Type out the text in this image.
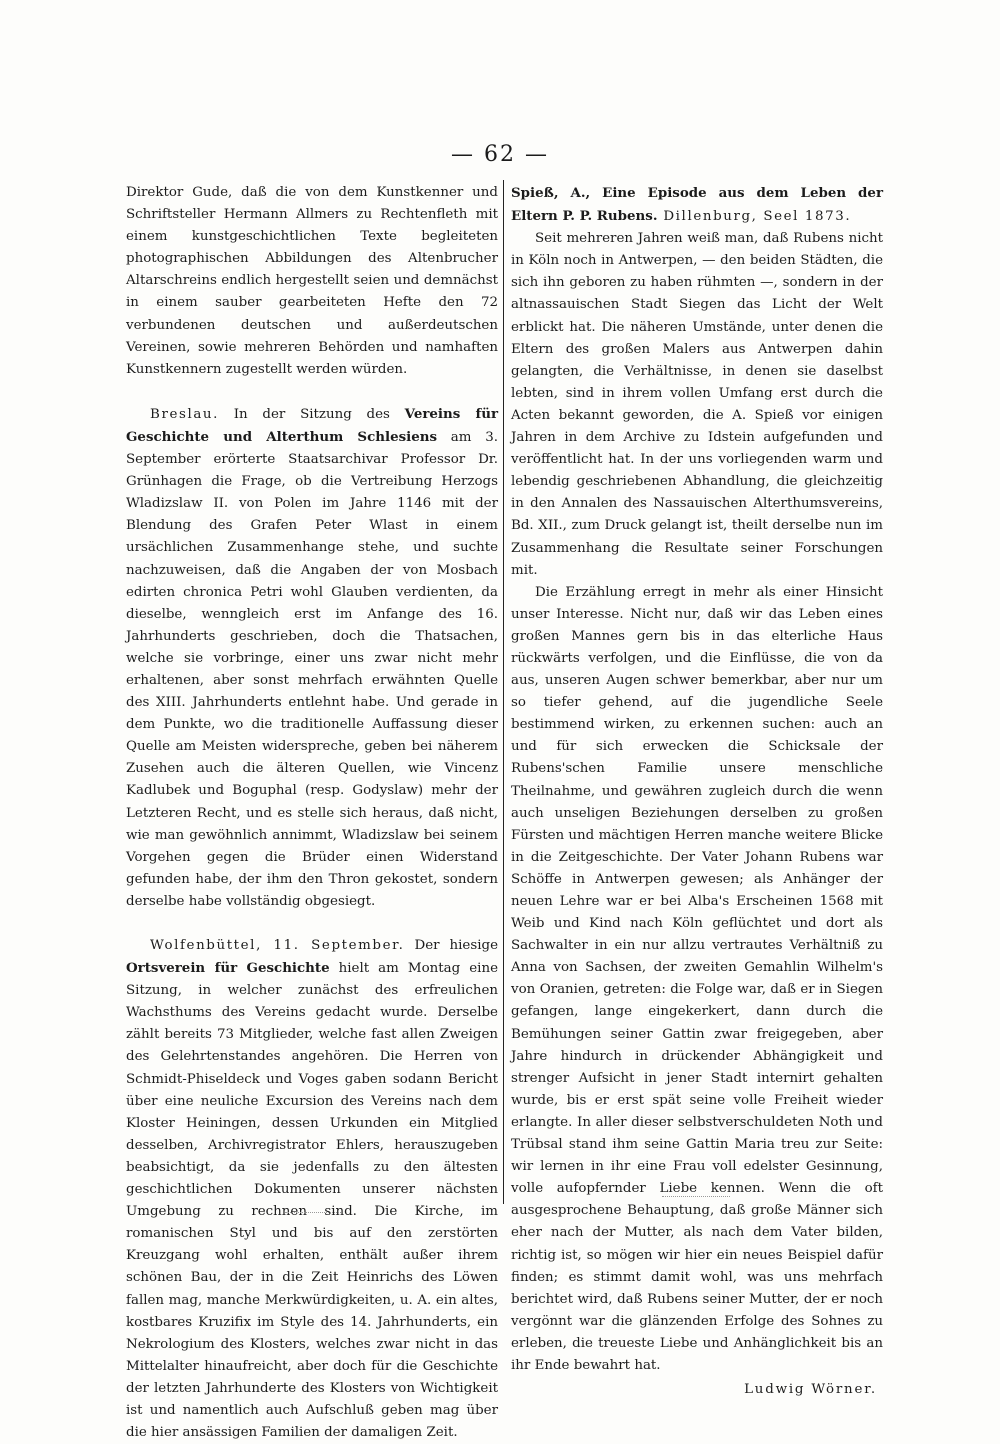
— 62 —

Direktor Gude, daß die von dem Kunstkenner und Schriftsteller Hermann Allmers zu Rechtenfleth mit einem kunstgeschichtlichen Texte begleiteten photographischen Abbildungen des Altenbrucher Altarschreins endlich hergestellt seien und demnächst in einem sauber gearbeiteten Hefte den 72 verbundenen deutschen und außerdeutschen Vereinen, sowie mehreren Behörden und namhaften Kunstkennern zugestellt werden würden.

Breslau. In der Sitzung des Vereins für Geschichte und Alterthum Schlesiens am 3. September erörterte Staatsarchivar Professor Dr. Grünhagen die Frage, ob die Vertreibung Herzogs Wladizslaw II. von Polen im Jahre 1146 mit der Blendung des Grafen Peter Wlast in einem ursächlichen Zusammenhange stehe, und suchte nachzuweisen, daß die Angaben der von Mosbach edirten chronica Petri wohl Glauben verdienten, da dieselbe, wenngleich erst im Anfange des 16. Jahrhunderts geschrieben, doch die Thatsachen, welche sie vorbringe, einer uns zwar nicht mehr erhaltenen, aber sonst mehrfach erwähnten Quelle des XIII. Jahrhunderts entlehnt habe. Und gerade in dem Punkte, wo die traditionelle Auffassung dieser Quelle am Meisten widerspreche, geben bei näherem Zusehen auch die älteren Quellen, wie Vincenz Kadlubek und Boguphal (resp. Godyslaw) mehr der Letzteren Recht, und es stelle sich heraus, daß nicht, wie man gewöhnlich annimmt, Wladizslaw bei seinem Vorgehen gegen die Brüder einen Widerstand gefunden habe, der ihm den Thron gekostet, sondern derselbe habe vollständig obgesiegt.

Wolfenbüttel, 11. September. Der hiesige Ortsverein für Geschichte hielt am Montag eine Sitzung, in welcher zunächst des erfreulichen Wachsthums des Vereins gedacht wurde. Derselbe zählt bereits 73 Mitglieder, welche fast allen Zweigen des Gelehrtenstandes angehören. Die Herren von Schmidt-Phiseldeck und Voges gaben sodann Bericht über eine neuliche Excursion des Vereins nach dem Kloster Heiningen, dessen Urkunden ein Mitglied desselben, Archivregistrator Ehlers, herauszugeben beabsichtigt, da sie jedenfalls zu den ältesten geschichtlichen Dokumenten unserer nächsten Umgebung zu rechnen sind. Die Kirche, im romanischen Styl und bis auf den zerstörten Kreuzgang wohl erhalten, enthält außer ihrem schönen Bau, der in die Zeit Heinrichs des Löwen fallen mag, manche Merkwürdigkeiten, u. A. ein altes, kostbares Kruzifix im Style des 14. Jahrhunderts, ein Nekrologium des Klosters, welches zwar nicht in das Mittelalter hinaufreicht, aber doch für die Geschichte der letzten Jahrhunderte des Klosters von Wichtigkeit ist und namentlich auch Aufschluß geben mag über die hier ansässigen Familien der damaligen Zeit.

Spieß, A., Eine Episode aus dem Leben der Eltern P. P. Rubens. Dillenburg, Seel 1873.

Seit mehreren Jahren weiß man, daß Rubens nicht in Köln noch in Antwerpen, — den beiden Städten, die sich ihn geboren zu haben rühmten —, sondern in der altnassauischen Stadt Siegen das Licht der Welt erblickt hat. Die näheren Umstände, unter denen die Eltern des großen Malers aus Antwerpen dahin gelangten, die Verhältnisse, in denen sie daselbst lebten, sind in ihrem vollen Umfang erst durch die Acten bekannt geworden, die A. Spieß vor einigen Jahren in dem Archive zu Idstein aufgefunden und veröffentlicht hat. In der uns vorliegenden warm und lebendig geschriebenen Abhandlung, die gleichzeitig in den Annalen des Nassauischen Alterthumsvereins, Bd. XII., zum Druck gelangt ist, theilt derselbe nun im Zusammenhang die Resultate seiner Forschungen mit.

Die Erzählung erregt in mehr als einer Hinsicht unser Interesse. Nicht nur, daß wir das Leben eines großen Mannes gern bis in das elterliche Haus rückwärts verfolgen, und die Einflüsse, die von da aus, unseren Augen schwer bemerkbar, aber nur um so tiefer gehend, auf die jugendliche Seele bestimmend wirken, zu erkennen suchen: auch an und für sich erwecken die Schicksale der Rubens'schen Familie unsere menschliche Theilnahme, und gewähren zugleich durch die wenn auch unseligen Beziehungen derselben zu großen Fürsten und mächtigen Herren manche weitere Blicke in die Zeitgeschichte. Der Vater Johann Rubens war Schöffe in Antwerpen gewesen; als Anhänger der neuen Lehre war er bei Alba's Erscheinen 1568 mit Weib und Kind nach Köln geflüchtet und dort als Sachwalter in ein nur allzu vertrautes Verhältniß zu Anna von Sachsen, der zweiten Gemahlin Wilhelm's von Oranien, getreten: die Folge war, daß er in Siegen gefangen, lange eingekerkert, dann durch die Bemühungen seiner Gattin zwar freigegeben, aber Jahre hindurch in drückender Abhängigkeit und strenger Aufsicht in jener Stadt internirt gehalten wurde, bis er erst spät seine volle Freiheit wieder erlangte. In aller dieser selbstverschuldeten Noth und Trübsal stand ihm seine Gattin Maria treu zur Seite: wir lernen in ihr eine Frau voll edelster Gesinnung, volle aufopfernder Liebe kennen. Wenn die oft ausgesprochene Behauptung, daß große Männer sich eher nach der Mutter, als nach dem Vater bilden, richtig ist, so mögen wir hier ein neues Beispiel dafür finden; es stimmt damit wohl, was uns mehrfach berichtet wird, daß Rubens seiner Mutter, der er noch vergönnt war die glänzenden Erfolge des Sohnes zu erleben, die treueste Liebe und Anhänglichkeit bis an ihr Ende bewahrt hat.

Ludwig Wörner.
